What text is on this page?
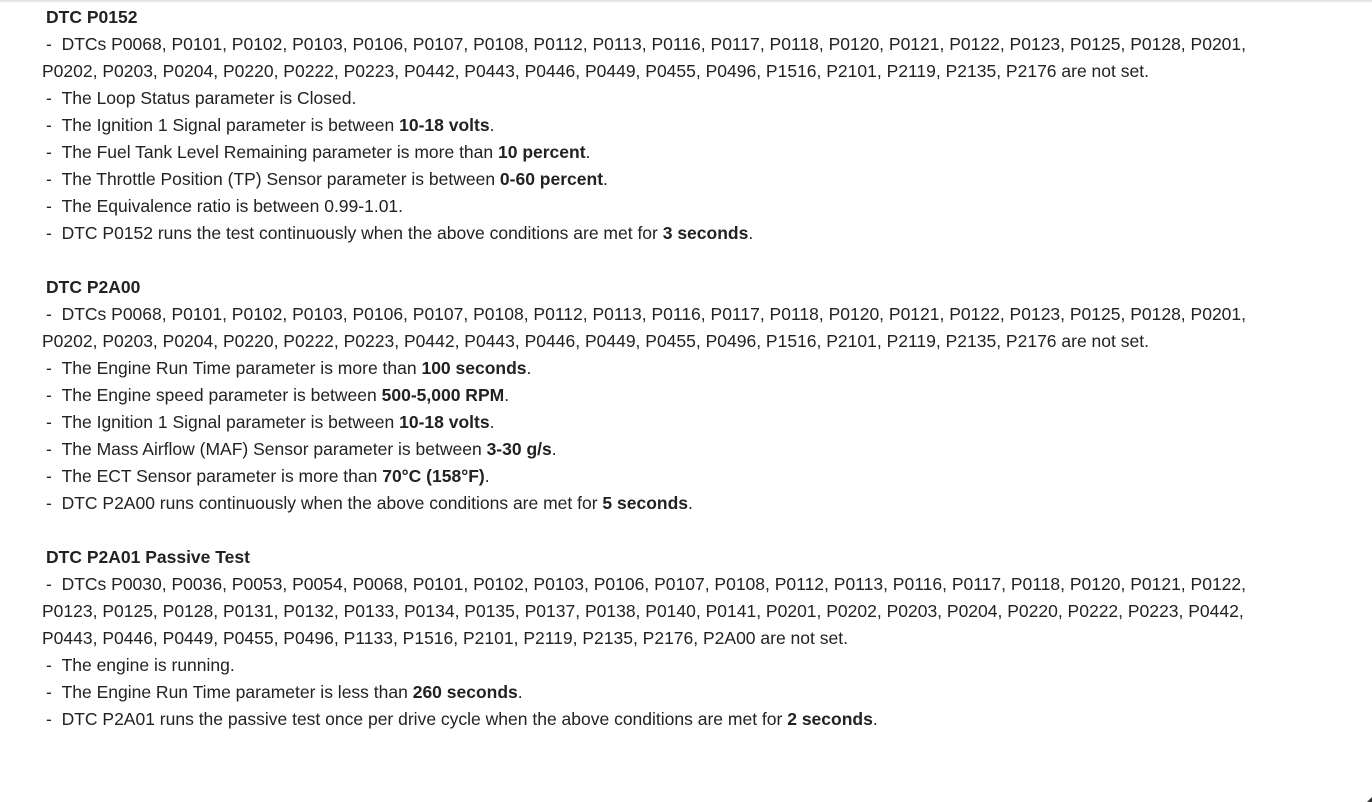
DTC P0152
-  DTCs P0068, P0101, P0102, P0103, P0106, P0107, P0108, P0112, P0113, P0116, P0117, P0118, P0120, P0121, P0122, P0123, P0125, P0128, P0201, P0202, P0203, P0204, P0220, P0222, P0223, P0442, P0443, P0446, P0449, P0455, P0496, P1516, P2101, P2119, P2135, P2176 are not set.
-  The Loop Status parameter is Closed.
-  The Ignition 1 Signal parameter is between 10-18 volts.
-  The Fuel Tank Level Remaining parameter is more than 10 percent.
-  The Throttle Position (TP) Sensor parameter is between 0-60 percent.
-  The Equivalence ratio is between 0.99-1.01.
-  DTC P0152 runs the test continuously when the above conditions are met for 3 seconds.
DTC P2A00
-  DTCs P0068, P0101, P0102, P0103, P0106, P0107, P0108, P0112, P0113, P0116, P0117, P0118, P0120, P0121, P0122, P0123, P0125, P0128, P0201, P0202, P0203, P0204, P0220, P0222, P0223, P0442, P0443, P0446, P0449, P0455, P0496, P1516, P2101, P2119, P2135, P2176 are not set.
-  The Engine Run Time parameter is more than 100 seconds.
-  The Engine speed parameter is between 500-5,000 RPM.
-  The Ignition 1 Signal parameter is between 10-18 volts.
-  The Mass Airflow (MAF) Sensor parameter is between 3-30 g/s.
-  The ECT Sensor parameter is more than 70°C (158°F).
-  DTC P2A00 runs continuously when the above conditions are met for 5 seconds.
DTC P2A01 Passive Test
-  DTCs P0030, P0036, P0053, P0054, P0068, P0101, P0102, P0103, P0106, P0107, P0108, P0112, P0113, P0116, P0117, P0118, P0120, P0121, P0122, P0123, P0125, P0128, P0131, P0132, P0133, P0134, P0135, P0137, P0138, P0140, P0141, P0201, P0202, P0203, P0204, P0220, P0222, P0223, P0442, P0443, P0446, P0449, P0455, P0496, P1133, P1516, P2101, P2119, P2135, P2176, P2A00 are not set.
-  The engine is running.
-  The Engine Run Time parameter is less than 260 seconds.
-  DTC P2A01 runs the passive test once per drive cycle when the above conditions are met for 2 seconds.
